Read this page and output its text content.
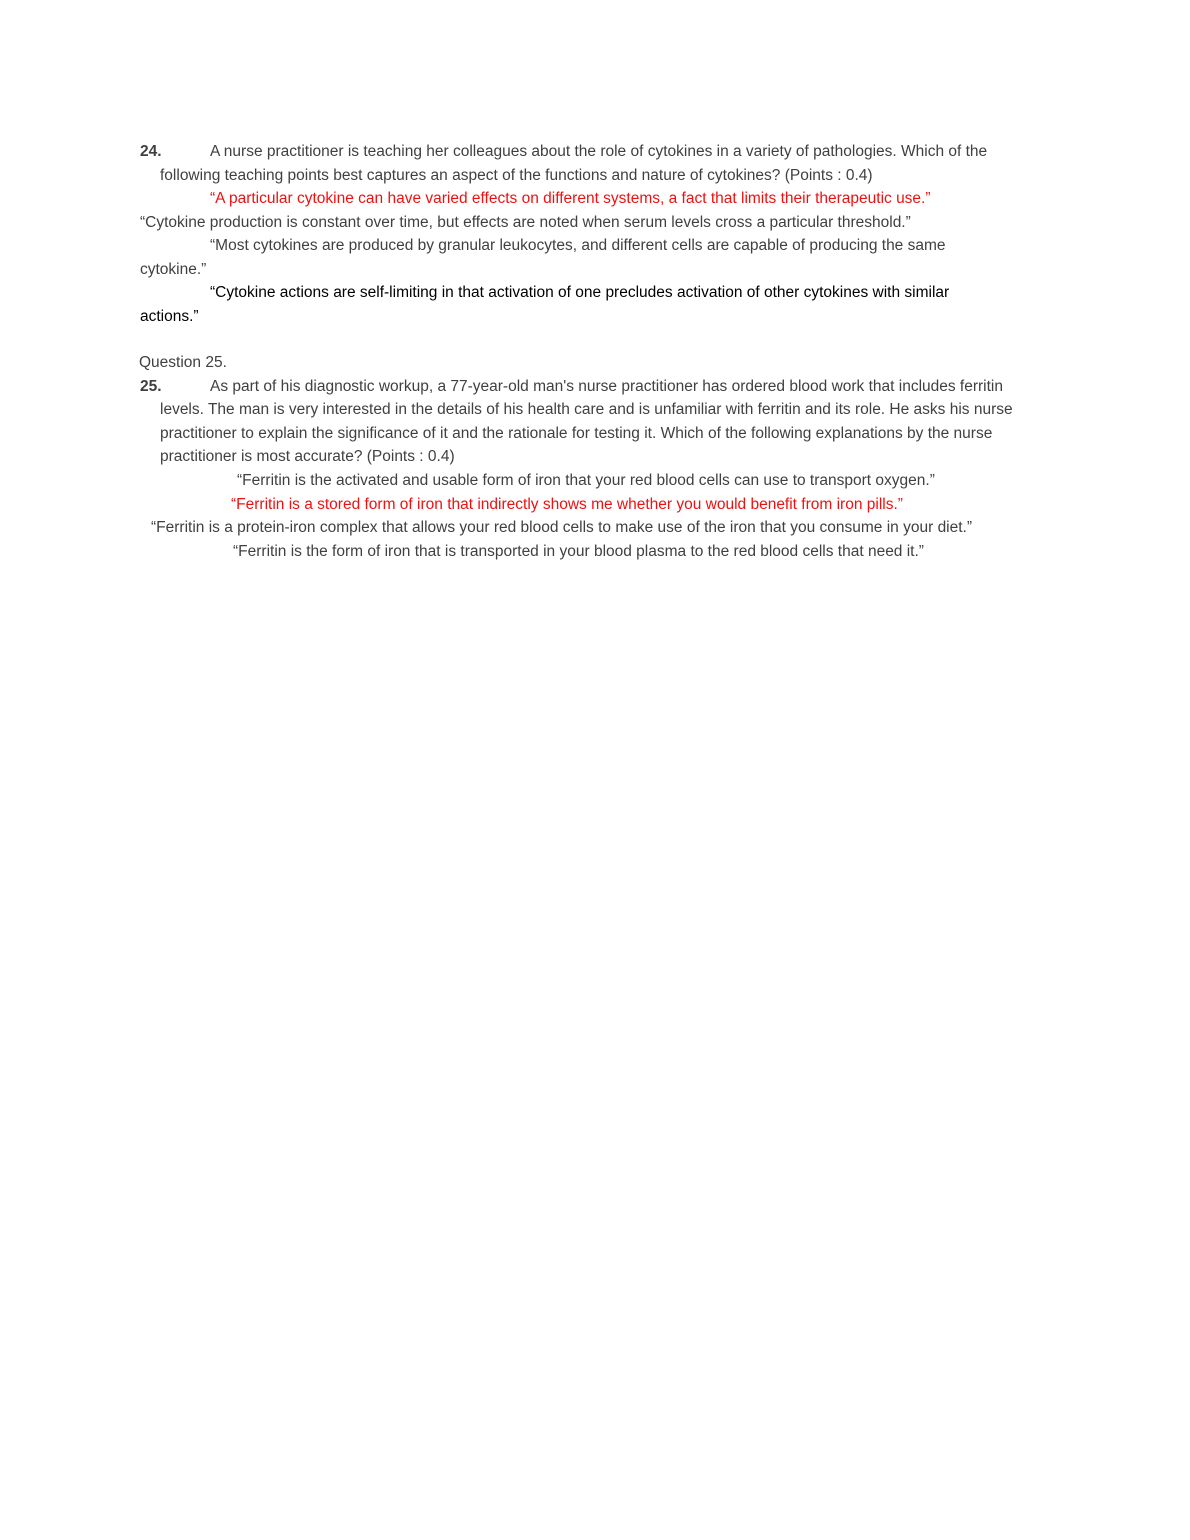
24.	A nurse practitioner is teaching her colleagues about the role of cytokines in a variety of pathologies. Which of the
following teaching points best captures an aspect of the functions and nature of cytokines? (Points : 0.4)
“A particular cytokine can have varied effects on different systems, a fact that limits their therapeutic use.”
“Cytokine production is constant over time, but effects are noted when serum levels cross a particular threshold.”
“Most cytokines are produced by granular leukocytes, and different cells are capable of producing the same
cytokine.”
“Cytokine actions are self-limiting in that activation of one precludes activation of other cytokines with similar
actions.”
Question 25.
25.	As part of his diagnostic workup, a 77-year-old man's nurse practitioner has ordered blood work that includes ferritin
levels. The man is very interested in the details of his health care and is unfamiliar with ferritin and its role. He asks his nurse
practitioner to explain the significance of it and the rationale for testing it. Which of the following explanations by the nurse
practitioner is most accurate? (Points : 0.4)
“Ferritin is the activated and usable form of iron that your red blood cells can use to transport oxygen.”
“Ferritin is a stored form of iron that indirectly shows me whether you would benefit from iron pills.”
“Ferritin is a protein-iron complex that allows your red blood cells to make use of the iron that you consume in your diet.”
“Ferritin is the form of iron that is transported in your blood plasma to the red blood cells that need it.”
